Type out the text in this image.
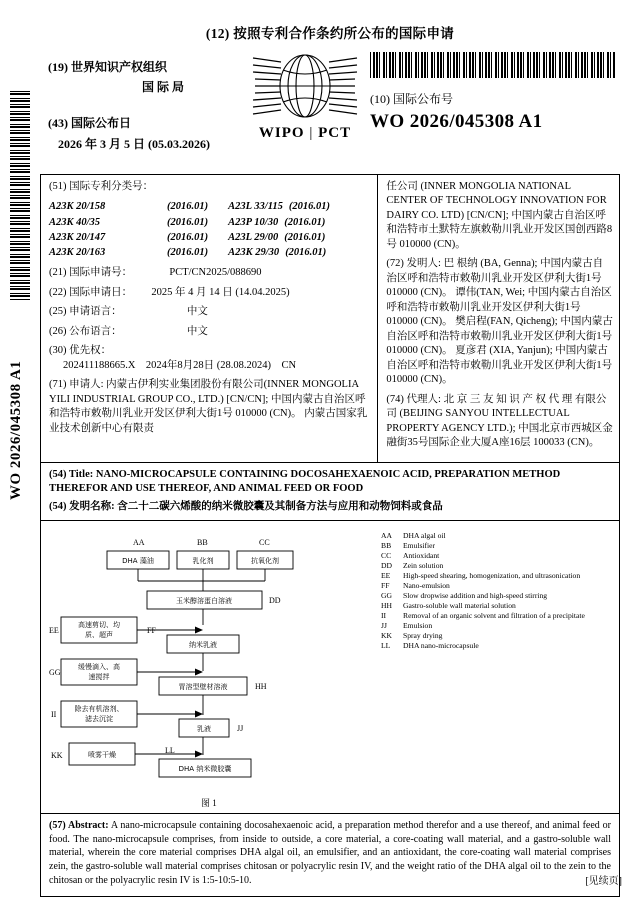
WO 2026/045308 A1
(12) 按照专利合作条约所公布的国际申请
(19) 世界知识产权组织
国 际 局
(43) 国际公布日
2026 年 3 月 5 日 (05.03.2026)
WIPO | PCT
(10) 国际公布号
WO 2026/045308 A1
(51) 国际专利分类号：
A23K 20/158	(2016.01) A23L 33/115 (2016.01)
A23K 40/35	(2016.01) A23P 10/30 (2016.01)
A23K 20/147	(2016.01) A23L 29/00 (2016.01)
A23K 20/163	(2016.01) A23K 29/30 (2016.01)
(21) 国际申请号：	PCT/CN2025/088690
(22) 国际申请日： 2025 年 4 月 14 日 (14.04.2025)
(25) 申请语言：	中文
(26) 公布语言：	中文
(30) 优先权：
202411188665.X　2024年8月28日 (28.08.2024)　CN
(71) 申请人: 内蒙古伊利实业集团股份有限公司(INNER MONGOLIA YILI INDUSTRIAL GROUP CO., LTD.) [CN/CN]; 中国内蒙古自治区呼和浩特市敕勒川乳业开发区伊利大街1号 010000 (CN)。 内蒙古国家乳业技术创新中心有限责
任公司 (INNER MONGOLIA NATIONAL CENTER OF TECHNOLOGY INNOVATION FOR DAIRY CO. LTD) [CN/CN]; 中国内蒙古自治区呼和浩特市土默特左旗敕勒川乳业开发区国创西路8号 010000 (CN)。
(72) 发明人: 巴 根纳 (BA, Genna); 中国内蒙古自治区呼和浩特市敕勒川乳业开发区伊利大街1号 010000 (CN)。 谭伟(TAN, Wei; 中国内蒙古自治区呼和浩特市敕勒川乳业开发区伊利大街1号 010000 (CN)。 樊启程(FAN, Qicheng); 中国内蒙古自治区呼和浩特市敕勒川乳业开发区伊利大街1号 010000 (CN)。 夏彦君 (XIA, Yanjun); 中国内蒙古自治区呼和浩特市敕勒川乳业开发区伊利大街1号 010000 (CN)。
(74) 代理人: 北 京 三 友 知 识 产 权 代 理 有限公司 (BEIJING SANYOU INTELLECTUAL PROPERTY AGENCY LTD.); 中国北京市西城区金融街35号国际企业大厦A座16层 100033 (CN)。
(54) Title: NANO-MICROCAPSULE CONTAINING DOCOSAHEXAENOIC ACID, PREPARATION METHOD THEREFOR AND USE THEREOF, AND ANIMAL FEED OR FOOD
(54) 发明名称: 含二十二碳六烯酸的纳米微胶囊及其制备方法与应用和动物饲料或食品
DHA 藻油	乳化剂	抗氧化剂
玉米醇溶蛋白溶液
高速剪切、均
质、超声
纳米乳液
缓慢滴入、高
速搅拌
胃溶型壁材溶液
除去有机溶剂、
滤去沉淀
乳液
喷雾干燥
DHA 纳米微胶囊
AA	BB	CC
DD
EE	FF
GG
HH
II
JJ
KK
LL
AA	DHA algal oil
BB	Emulsifier
CC	Antioxidant
DD	Zein solution
EE	High-speed shearing, homogenization, and ultrasonication
FF	Nano-emulsion
GG	Slow dropwise addition and high-speed stirring
HH	Gastro-soluble wall material solution
II	Removal of an organic solvent and filtration of a precipitate
JJ	Emulsion
KK	Spray drying
LL	DHA nano-microcapsule
图 1
(57) Abstract: A nano-microcapsule containing docosahexaenoic acid, a preparation method therefor and a use thereof, and animal feed or food. The nano-microcapsule comprises, from inside to outside, a core material, a core-coating wall material, and a gastro-soluble wall material, wherein the core material comprises DHA algal oil, an emulsifier, and an antioxidant, the core-coating wall material comprises zein, the gastro-soluble wall material comprises chitosan or polyacrylic resin IV, and the weight ratio of the DHA algal oil to the zein to the chitosan or the polyacrylic resin IV is 1:5-10:5-10.	[见续页]
